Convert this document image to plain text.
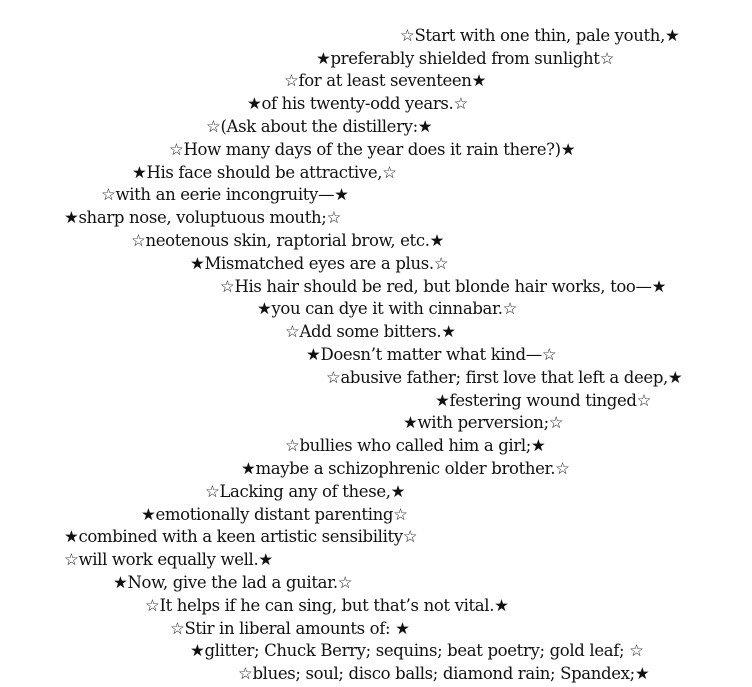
☆Start with one thin, pale youth,★
★preferably shielded from sunlight☆
☆for at least seventeen★
★of his twenty-odd years.☆
☆(Ask about the distillery:★
☆How many days of the year does it rain there?)★
★His face should be attractive,☆
☆with an eerie incongruity—★
★sharp nose, voluptuous mouth;☆
☆neotenous skin, raptorial brow, etc.★
★Mismatched eyes are a plus.☆
☆His hair should be red, but blonde hair works, too—★
★you can dye it with cinnabar.☆
☆Add some bitters.★
★Doesn’t matter what kind—☆
☆abusive father; first love that left a deep,★
★festering wound tinged☆
★with perversion;☆
☆bullies who called him a girl;★
★maybe a schizophrenic older brother.☆
☆Lacking any of these,★
★emotionally distant parenting☆
★combined with a keen artistic sensibility☆
☆will work equally well.★
★Now, give the lad a guitar.☆
☆It helps if he can sing, but that’s not vital.★
☆Stir in liberal amounts of: ★
★glitter; Chuck Berry; sequins; beat poetry; gold leaf; ☆
☆blues; soul; disco balls; diamond rain; Spandex;★
